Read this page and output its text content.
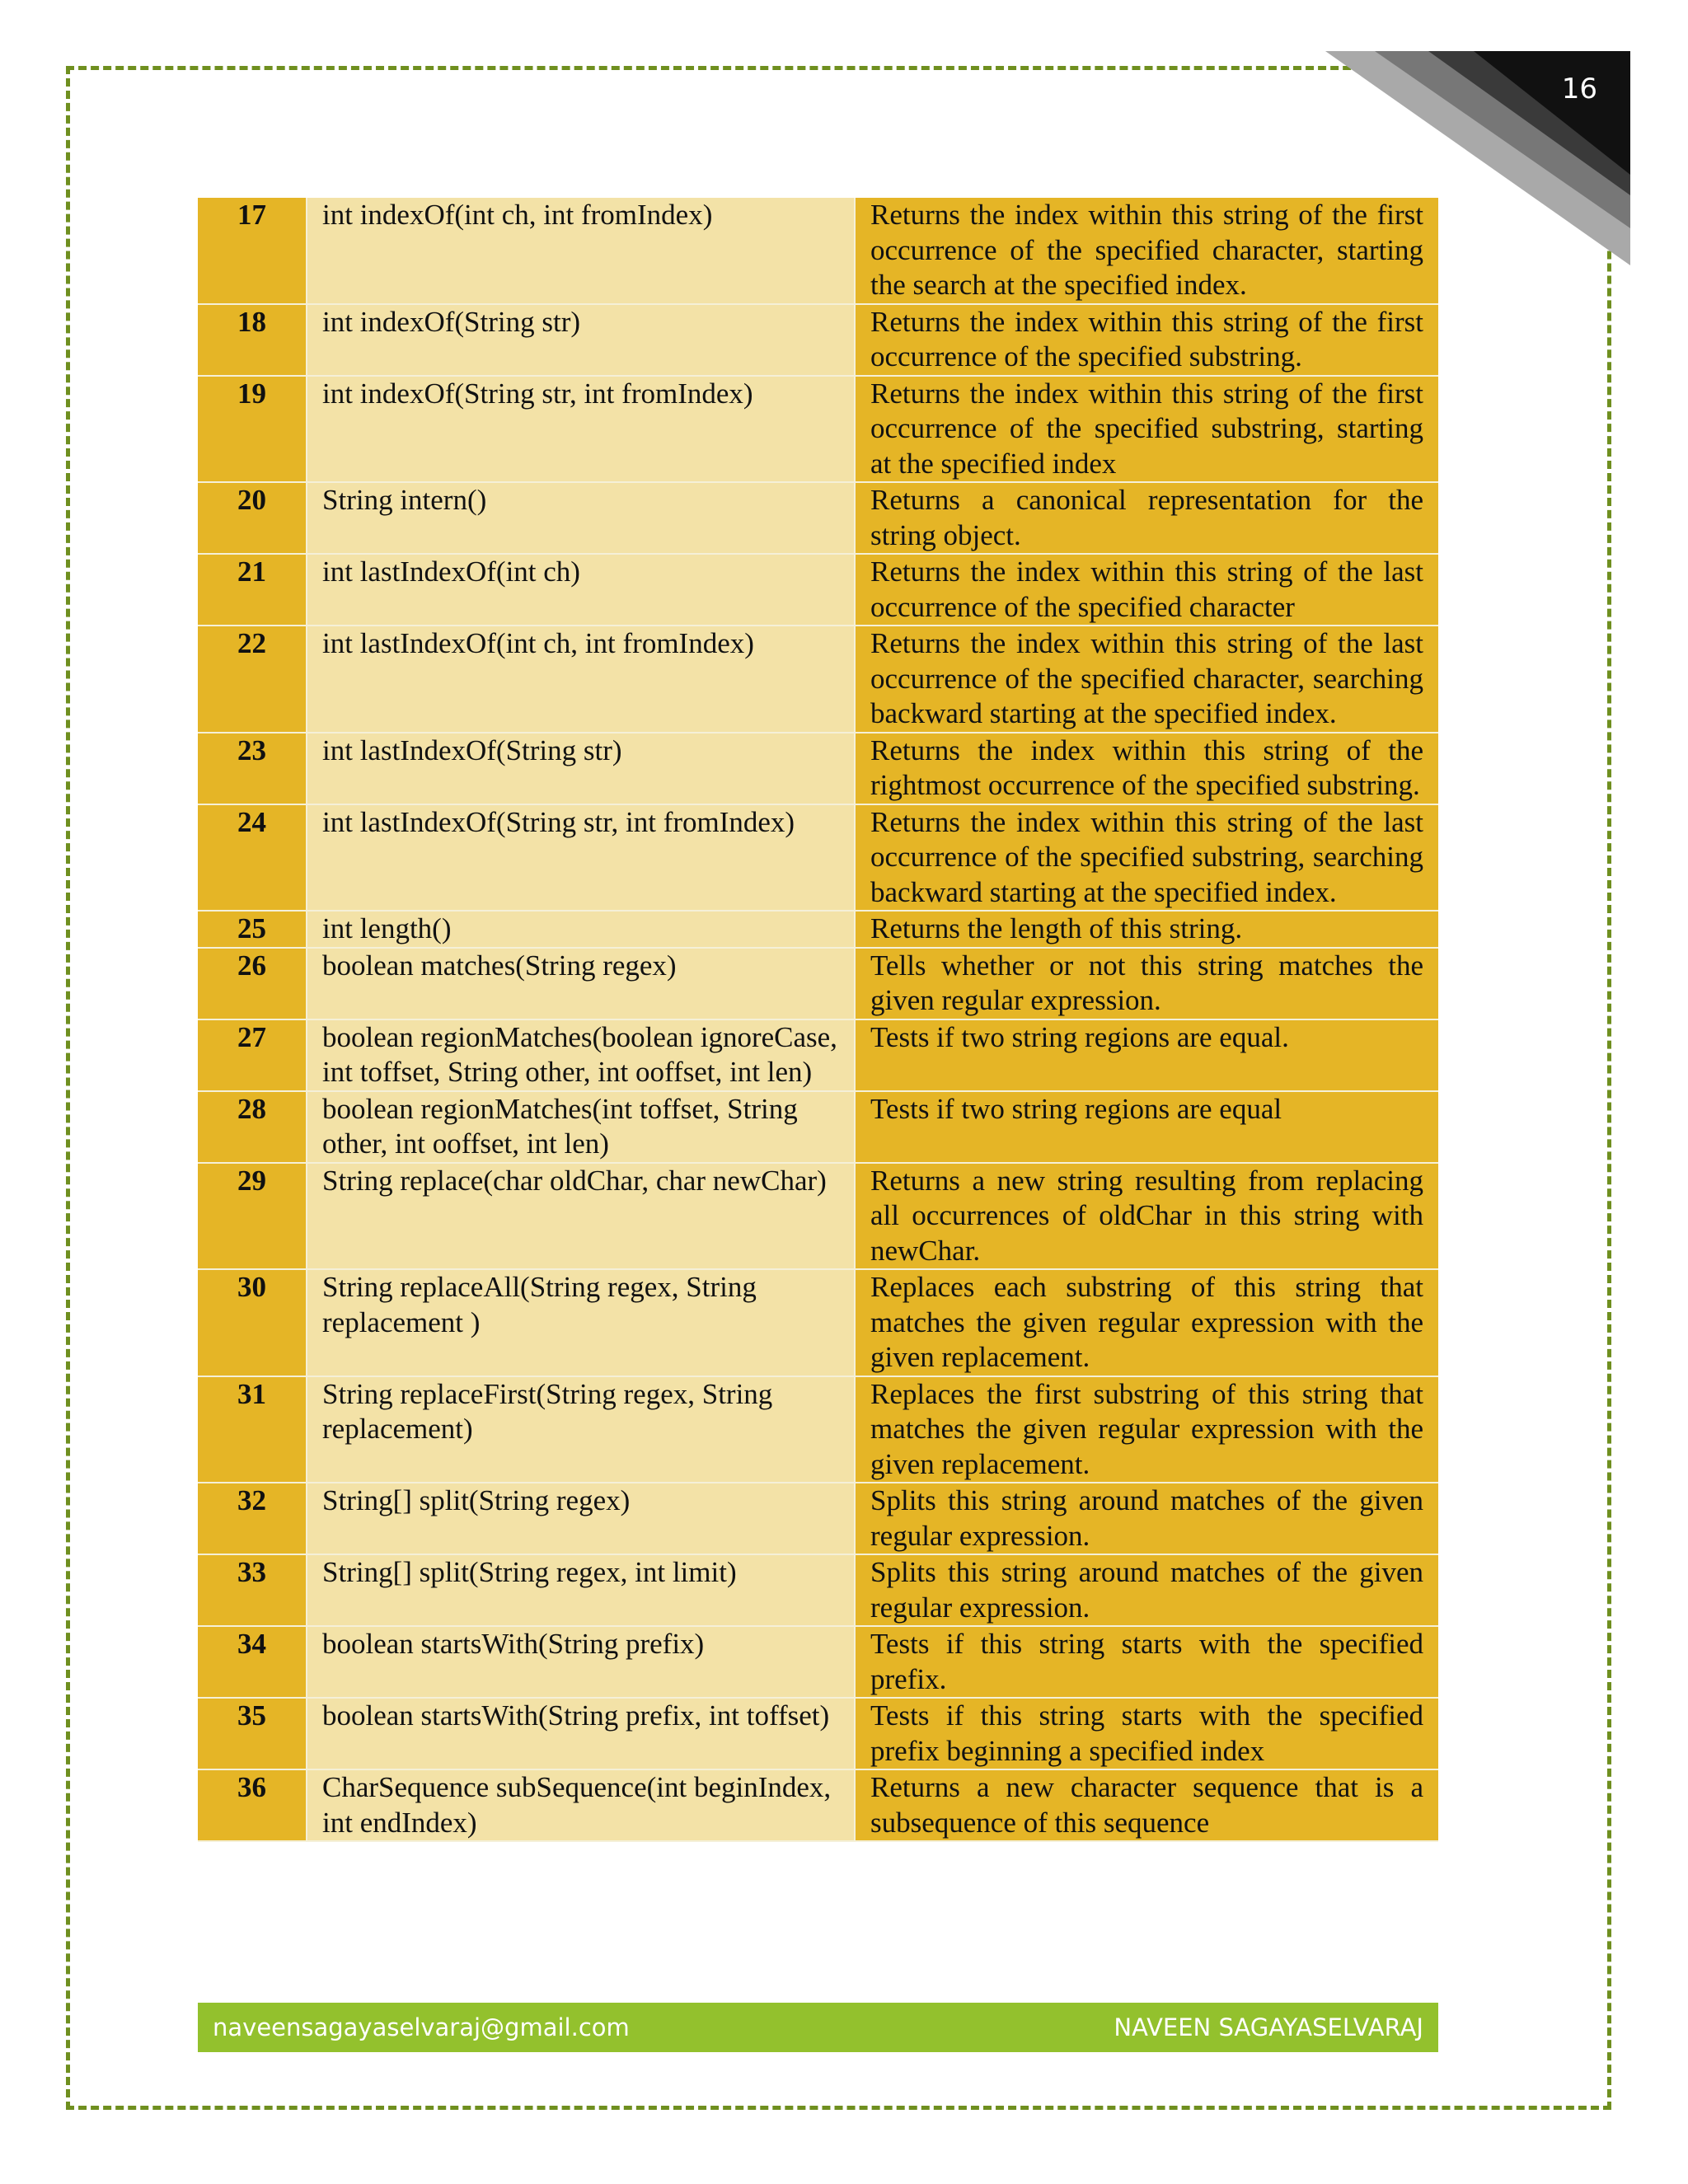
16
17	int indexOf(int ch, int fromIndex)	Returns the index within this string of the first occurrence of the specified character, starting the search at the specified index.
18	int indexOf(String str)	Returns the index within this string of the first occurrence of the specified substring.
19	int indexOf(String str, int fromIndex)	Returns the index within this string of the first occurrence of the specified substring, starting at the specified index
20	String intern()	Returns a canonical representation for the string object.
21	int lastIndexOf(int ch)	Returns the index within this string of the last occurrence of the specified character
22	int lastIndexOf(int ch, int fromIndex)	Returns the index within this string of the last occurrence of the specified character, searching backward starting at the specified index.
23	int lastIndexOf(String str)	Returns the index within this string of the rightmost occurrence of the specified substring.
24	int lastIndexOf(String str, int fromIndex)	Returns the index within this string of the last occurrence of the specified substring, searching backward starting at the specified index.
25	int length()	Returns the length of this string.
26	boolean matches(String regex)	Tells whether or not this string matches the given regular expression.
27	boolean regionMatches(boolean ignoreCase, int toffset, String other, int ooffset, int len)	Tests if two string regions are equal.
28	boolean regionMatches(int toffset, String other, int ooffset, int len)	Tests if two string regions are equal
29	String replace(char oldChar, char newChar)	Returns a new string resulting from replacing all occurrences of oldChar in this string with newChar.
30	String replaceAll(String regex, String replacement )	Replaces each substring of this string that matches the given regular expression with the given replacement.
31	String replaceFirst(String regex, String replacement)	Replaces the first substring of this string that matches the given regular expression with the given replacement.
32	String[] split(String regex)	Splits this string around matches of the given regular expression.
33	String[] split(String regex, int limit)	Splits this string around matches of the given regular expression.
34	boolean startsWith(String prefix)	Tests if this string starts with the specified prefix.
35	boolean startsWith(String prefix, int toffset)	Tests if this string starts with the specified prefix beginning a specified index
36	CharSequence subSequence(int beginIndex, int endIndex)	Returns a new character sequence that is a subsequence of this sequence
naveensagayaselvaraj@gmail.com	NAVEEN SAGAYASELVARAJ
